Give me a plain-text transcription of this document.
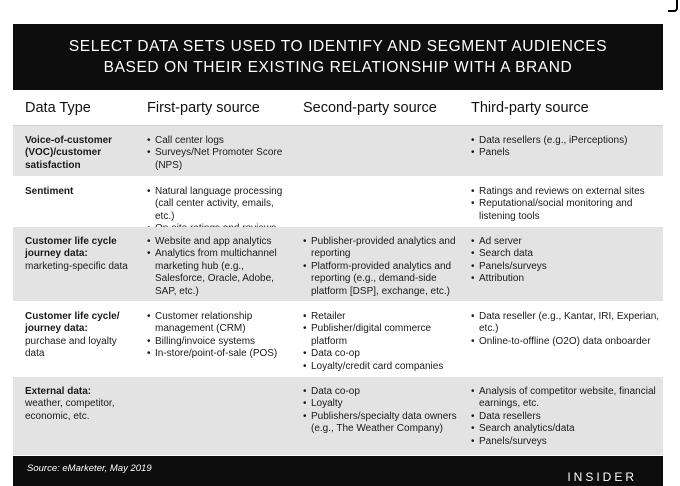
SELECT DATA SETS USED TO IDENTIFY AND SEGMENT AUDIENCES
BASED ON THEIR EXISTING RELATIONSHIP WITH A BRAND
Data Type	First-party source	Second-party source	Third-party source
Voice-of-customer (VOC)/customer satisfaction
• Call center logs
• Surveys/Net Promoter Score (NPS)
• Data resellers (e.g., iPerceptions)
• Panels
Sentiment
•	Natural language processing (call center activity, emails, etc.)
•
• Ratings and reviews on external sites
• Reputational/social monitoring and listening tools
Customer life cycle journey data: marketing-specific data
• Website and app analytics
• Analytics from multichannel marketing hub (e.g., Salesforce, Oracle, Adobe, SAP, etc.)
• Publisher-provided analytics and reporting
• Platform-provided analytics and reporting (e.g., demand-side platform [DSP], exchange, etc.)
• Ad server
• Search data
• Panels/surveys
• Attribution
Customer life cycle/ journey data: purchase and loyalty data
• Customer relationship management (CRM)
• Billing/invoice systems
• In-store/point-of-sale (POS)
• Retailer
• Publisher/digital commerce platform
• Data co-op
• Loyalty/credit card companies
• Data reseller (e.g., Kantar, IRI, Experian, etc.)
• Online-to-offline (O2O) data onboarder
External data: weather, competitor, economic, etc.
• Data co-op
• Loyalty
• Publishers/specialty data owners (e.g., The Weather Company)
• Analysis of competitor website, financial earnings, etc.
• Data resellers
• Search analytics/data
• Panels/surveys
Source: eMarketer, May 2019
INSIDER
